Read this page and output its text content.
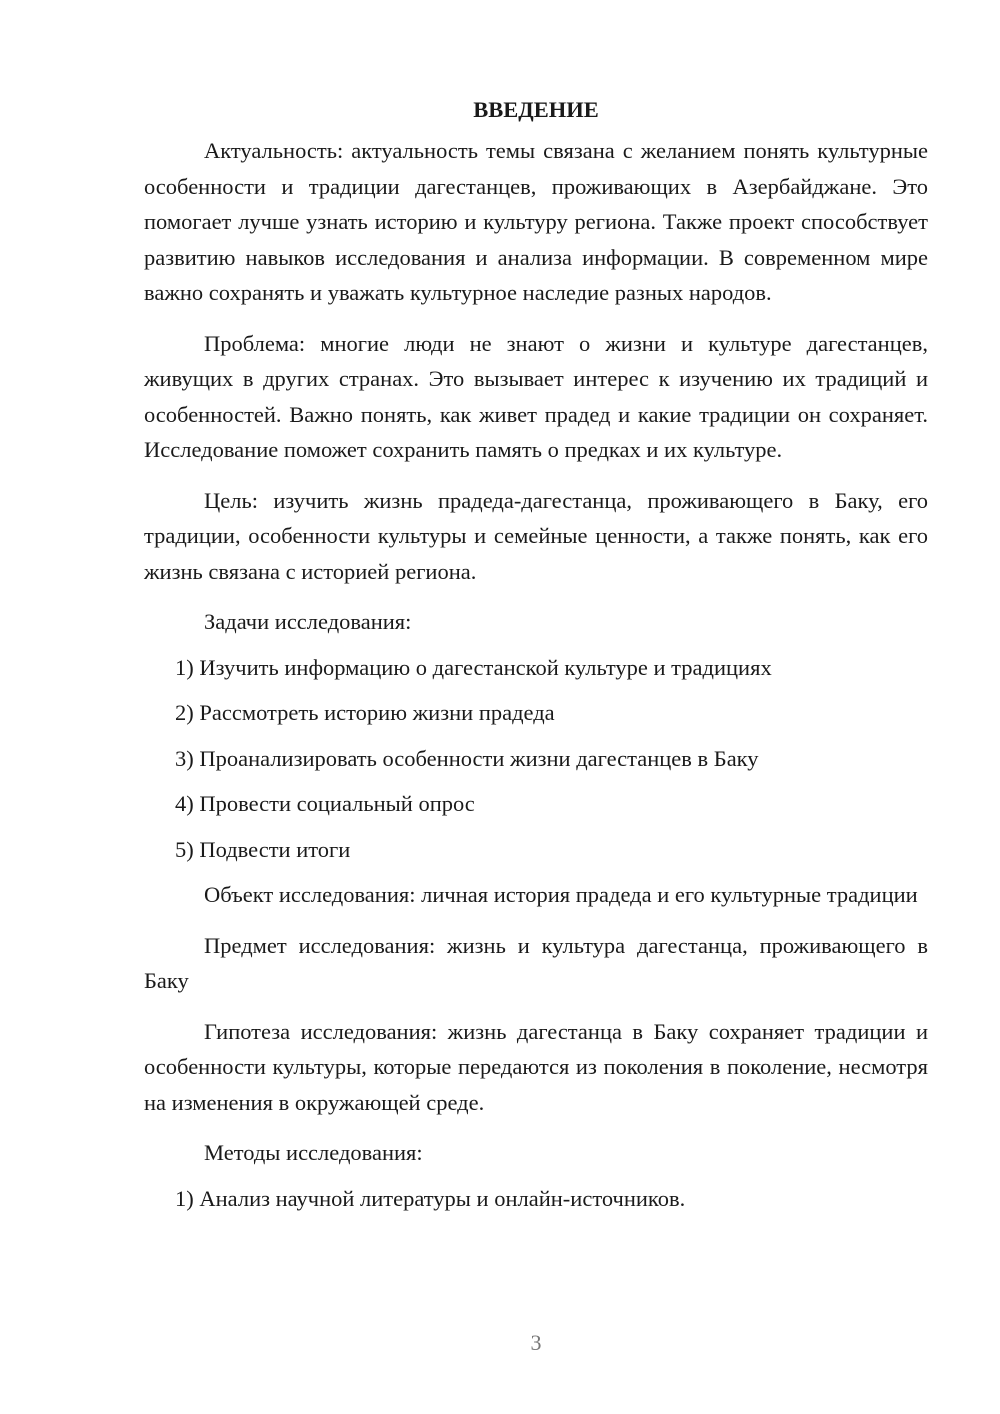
ВВЕДЕНИЕ

Актуальность: актуальность темы связана с желанием понять культурные особенности и традиции дагестанцев, проживающих в Азербайджане. Это помогает лучше узнать историю и культуру региона. Также проект способствует развитию навыков исследования и анализа информации. В современном мире важно сохранять и уважать культурное наследие разных народов.

Проблема: многие люди не знают о жизни и культуре дагестанцев, живущих в других странах. Это вызывает интерес к изучению их традиций и особенностей. Важно понять, как живет прадед и какие традиции он сохраняет. Исследование поможет сохранить память о предках и их культуре.

Цель: изучить жизнь прадеда-дагестанца, проживающего в Баку, его традиции, особенности культуры и семейные ценности, а также понять, как его жизнь связана с историей региона.

Задачи исследования:

1) Изучить информацию о дагестанской культуре и традициях

2) Рассмотреть историю жизни прадеда

3) Проанализировать особенности жизни дагестанцев в Баку

4) Провести социальный опрос

5) Подвести итоги

Объект исследования: личная история прадеда и его культурные традиции

Предмет исследования: жизнь и культура дагестанца, проживающего в Баку

Гипотеза исследования: жизнь дагестанца в Баку сохраняет традиции и особенности культуры, которые передаются из поколения в поколение, несмотря на изменения в окружающей среде.

Методы исследования:

1) Анализ научной литературы и онлайн-источников.

3
